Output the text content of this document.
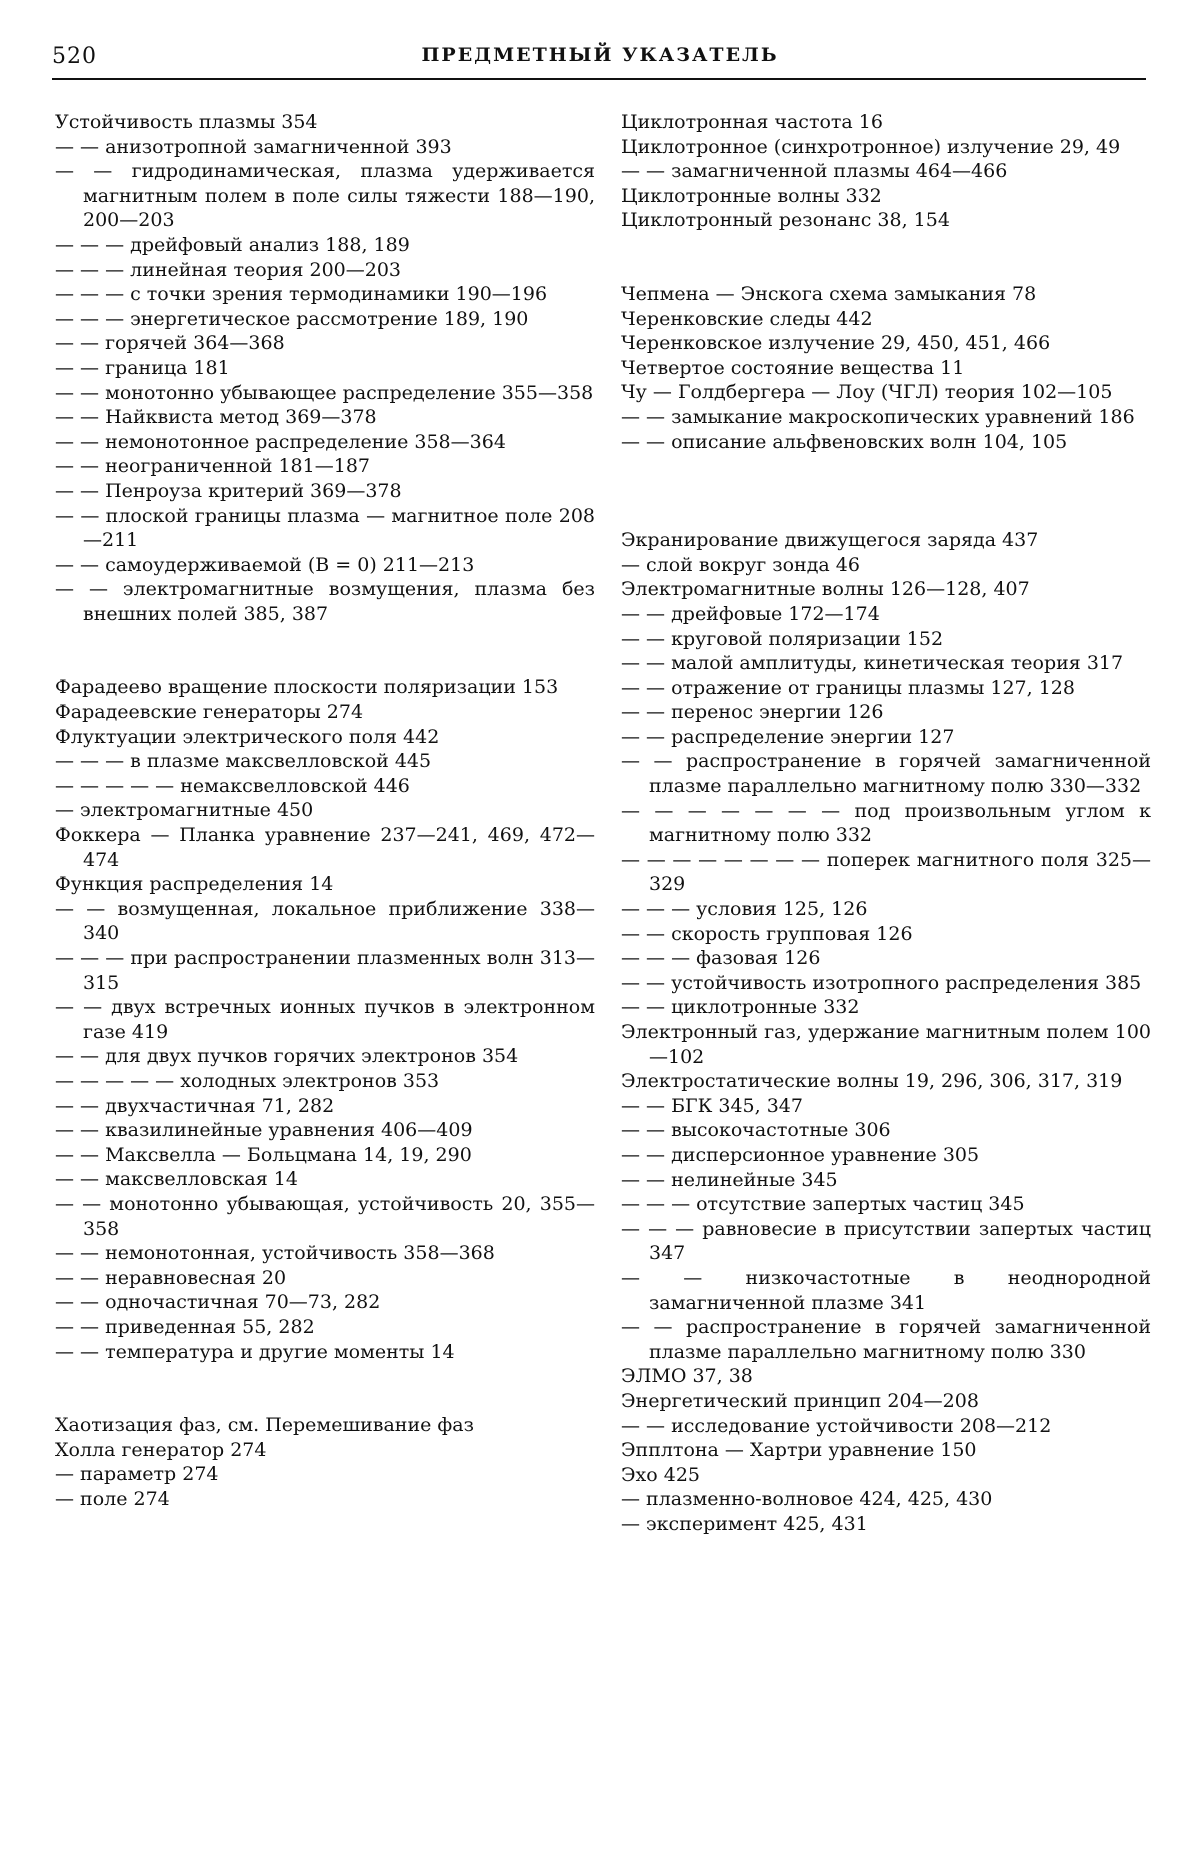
520	ПРЕДМЕТНЫЙ УКАЗАТЕЛЬ
Устойчивость плазмы 354
— — анизотропной замагниченной 393
— — гидродинамическая, плазма удерживается магнитным полем в поле силы тяжести 188—190, 200—203
— — — дрейфовый анализ 188, 189
— — — линейная теория 200—203
— — — с точки зрения термодинамики 190—196
— — — энергетическое рассмотрение 189, 190
— — горячей 364—368
— — граница 181
— — монотонно убывающее распределение 355—358
— — Найквиста метод 369—378
— — немонотонное распределение 358—364
— — неограниченной 181—187
— — Пенроуза критерий 369—378
— — плоской границы плазма — магнитное поле 208—211
— — самоудерживаемой (B = 0) 211—213
— — электромагнитные возмущения, плазма без внешних полей 385, 387
Фарадеево вращение плоскости поляризации 153
Фарадеевские генераторы 274
Флуктуации электрического поля 442
— — — в плазме максвелловской 445
— — — — — немаксвелловской 446
— электромагнитные 450
Фоккера — Планка уравнение 237—241, 469, 472—474
Функция распределения 14
— — возмущенная, локальное приближение 338—340
— — — при распространении плазменных волн 313—315
— — двух встречных ионных пучков в электронном газе 419
— — для двух пучков горячих электронов 354
— — — — — холодных электронов 353
— — двухчастичная 71, 282
— — квазилинейные уравнения 406—409
— — Максвелла — Больцмана 14, 19, 290
— — максвелловская 14
— — монотонно убывающая, устойчивость 20, 355—358
— — немонотонная, устойчивость 358—368
— — неравновесная 20
— — одночастичная 70—73, 282
— — приведенная 55, 282
— — температура и другие моменты 14
Хаотизация фаз, см. Перемешивание фаз
Холла генератор 274
— параметр 274
— поле 274
Циклотронная частота 16
Циклотронное (синхротронное) излучение 29, 49
— — замагниченной плазмы 464—466
Циклотронные волны 332
Циклотронный резонанс 38, 154
Чепмена — Энскога схема замыкания 78
Черенковские следы 442
Черенковское излучение 29, 450, 451, 466
Четвертое состояние вещества 11
Чу — Голдбергера — Лоу (ЧГЛ) теория 102—105
— — замыкание макроскопических уравнений 186
— — описание альфвеновских волн 104, 105
Экранирование движущегося заряда 437
— слой вокруг зонда 46
Электромагнитные волны 126—128, 407
— — дрейфовые 172—174
— — круговой поляризации 152
— — малой амплитуды, кинетическая теория 317
— — отражение от границы плазмы 127, 128
— — перенос энергии 126
— — распределение энергии 127
— — распространение в горячей замагниченной плазме параллельно магнитному полю 330—332
— — — — — — — под произвольным углом к магнитному полю 332
— — — — — — — — поперек магнитного поля 325—329
— — — условия 125, 126
— — скорость групповая 126
— — — фазовая 126
— — устойчивость изотропного распределения 385
— — циклотронные 332
Электронный газ, удержание магнитным полем 100—102
Электростатические волны 19, 296, 306, 317, 319
— — БГК 345, 347
— — высокочастотные 306
— — дисперсионное уравнение 305
— — нелинейные 345
— — — отсутствие запертых частиц 345
— — — равновесие в присутствии запертых частиц 347
— — низкочастотные в неоднородной замагниченной плазме 341
— — распространение в горячей замагниченной плазме параллельно магнитному полю 330
ЭЛМО 37, 38
Энергетический принцип 204—208
— — исследование устойчивости 208—212
Эпплтона — Хартри уравнение 150
Эхо 425
— плазменно-волновое 424, 425, 430
— эксперимент 425, 431
